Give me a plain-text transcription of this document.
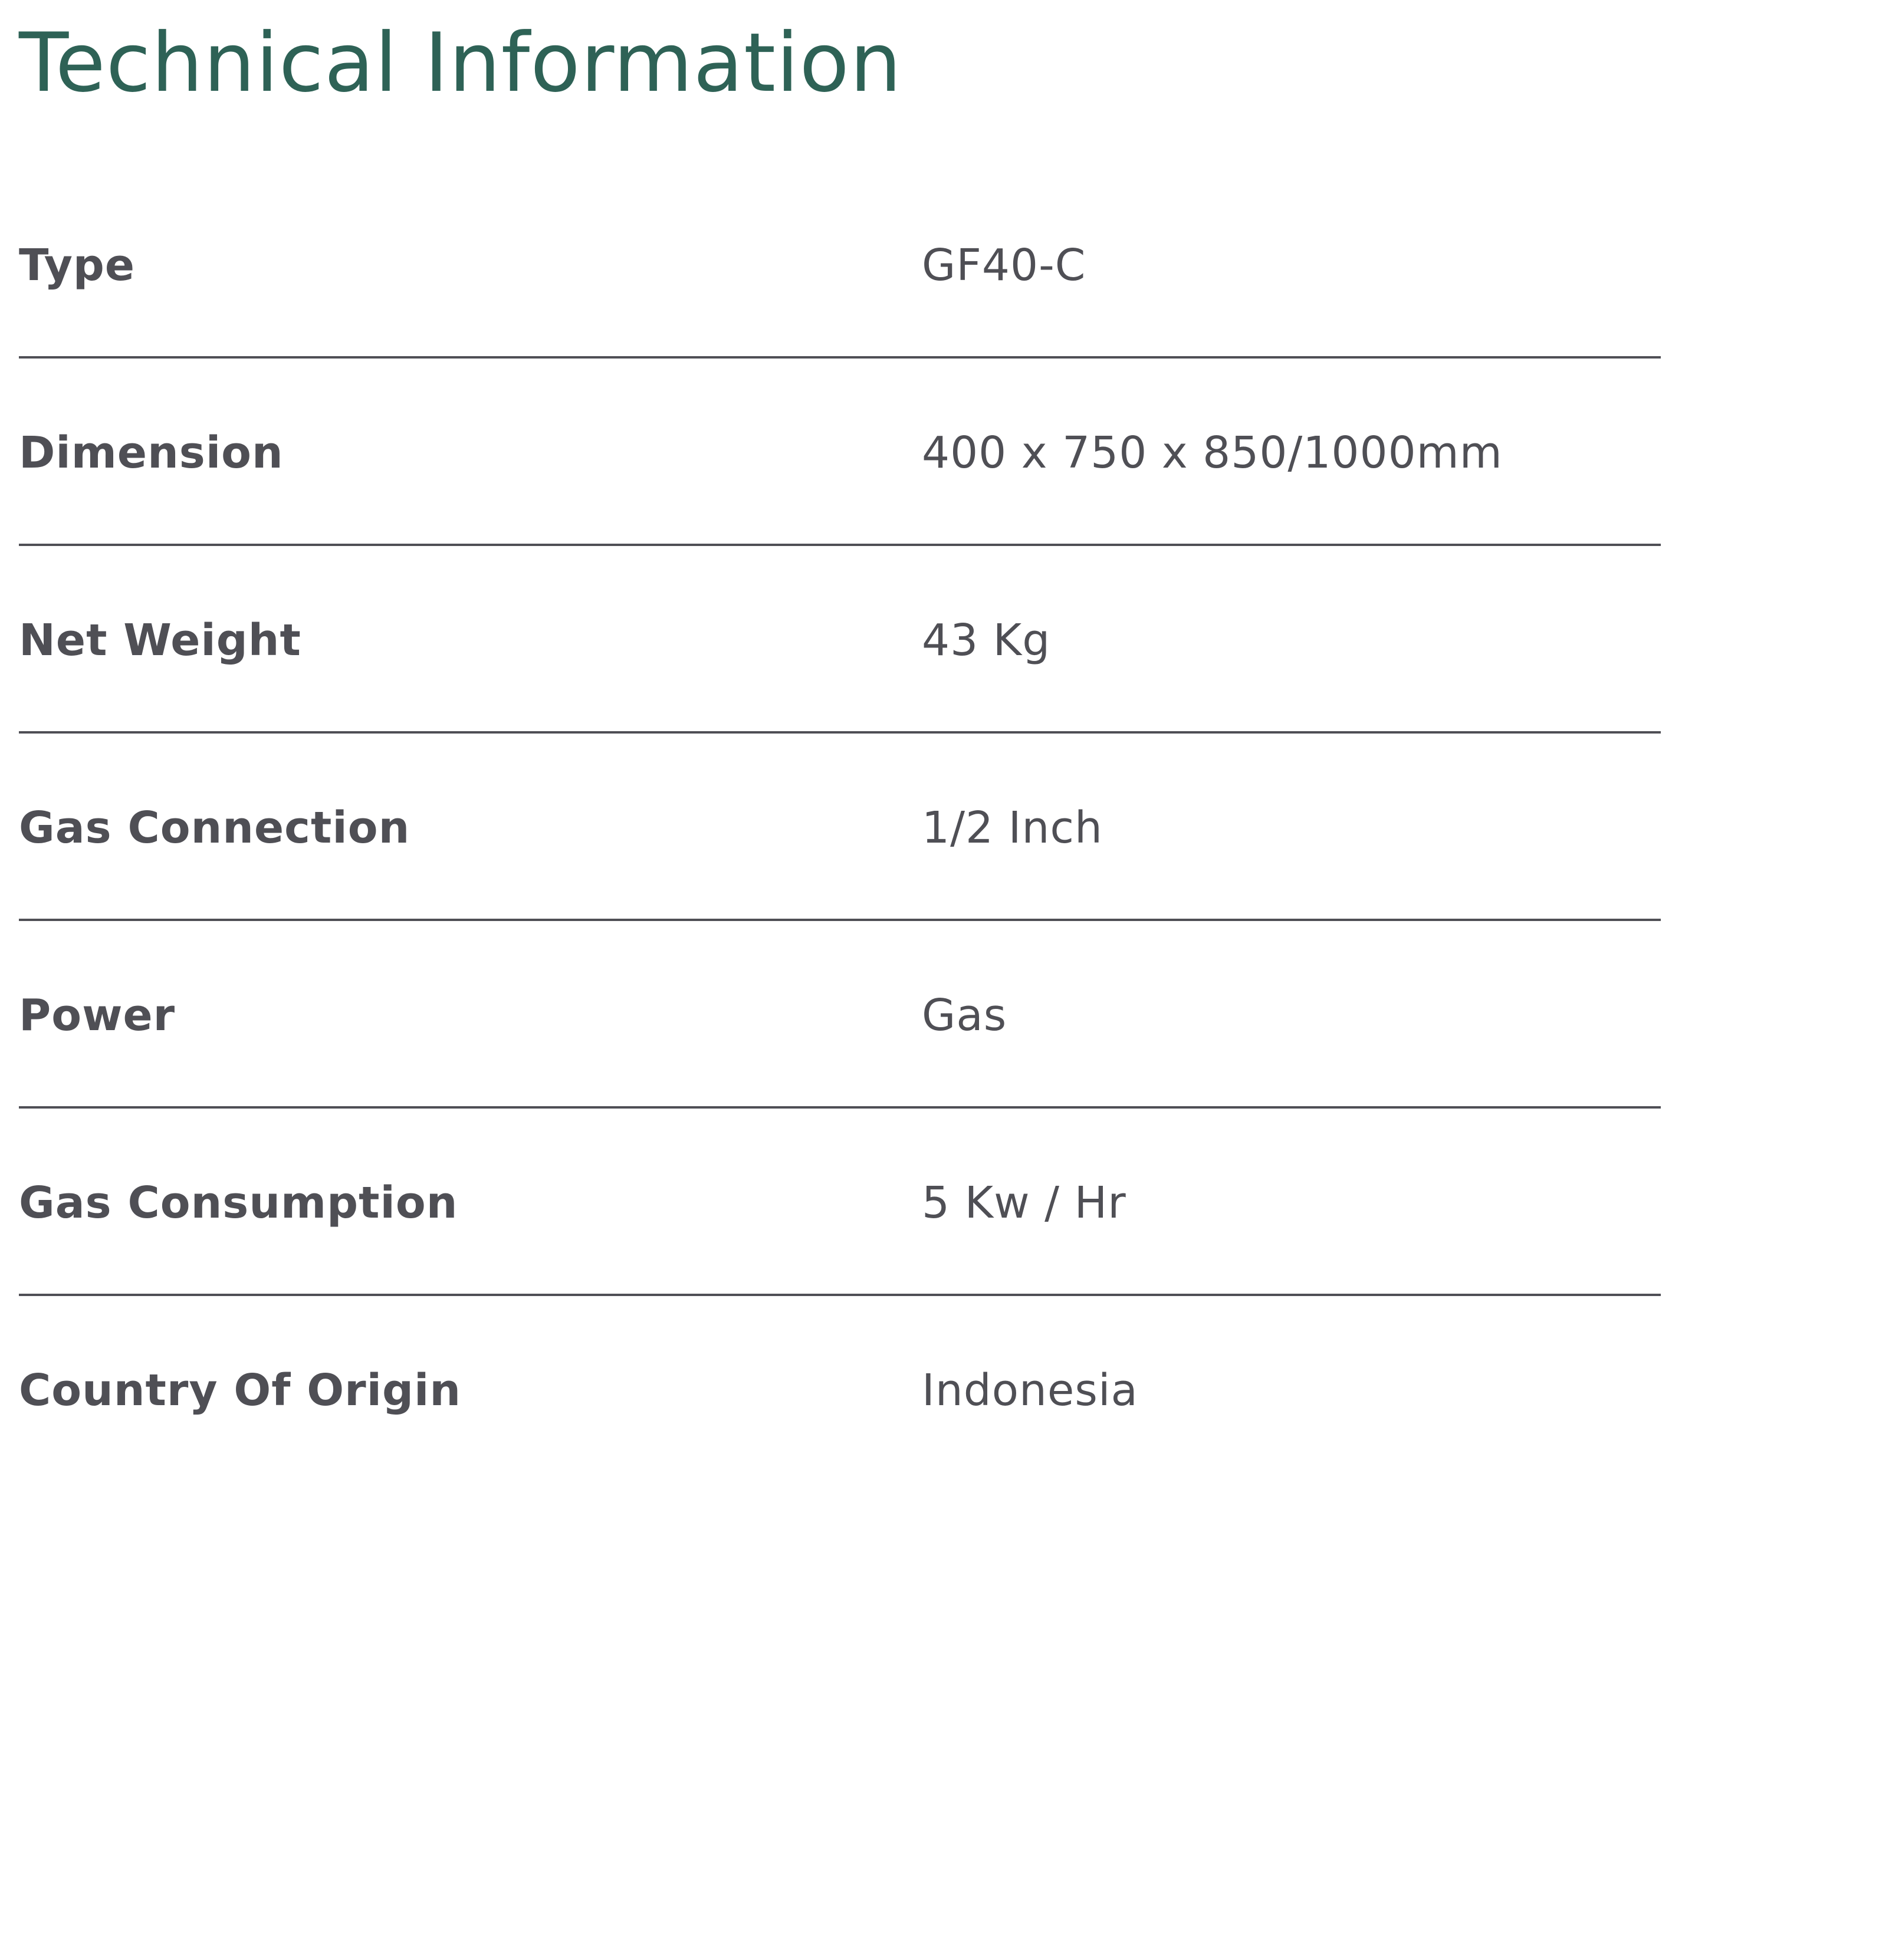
Technical Information
Type	GF40-C
Dimension	400 x 750 x 850/1000mm
Net Weight	43 Kg
Gas Connection	1/2 Inch
Power	Gas
Gas Consumption	5 Kw / Hr
Country Of Origin	Indonesia
